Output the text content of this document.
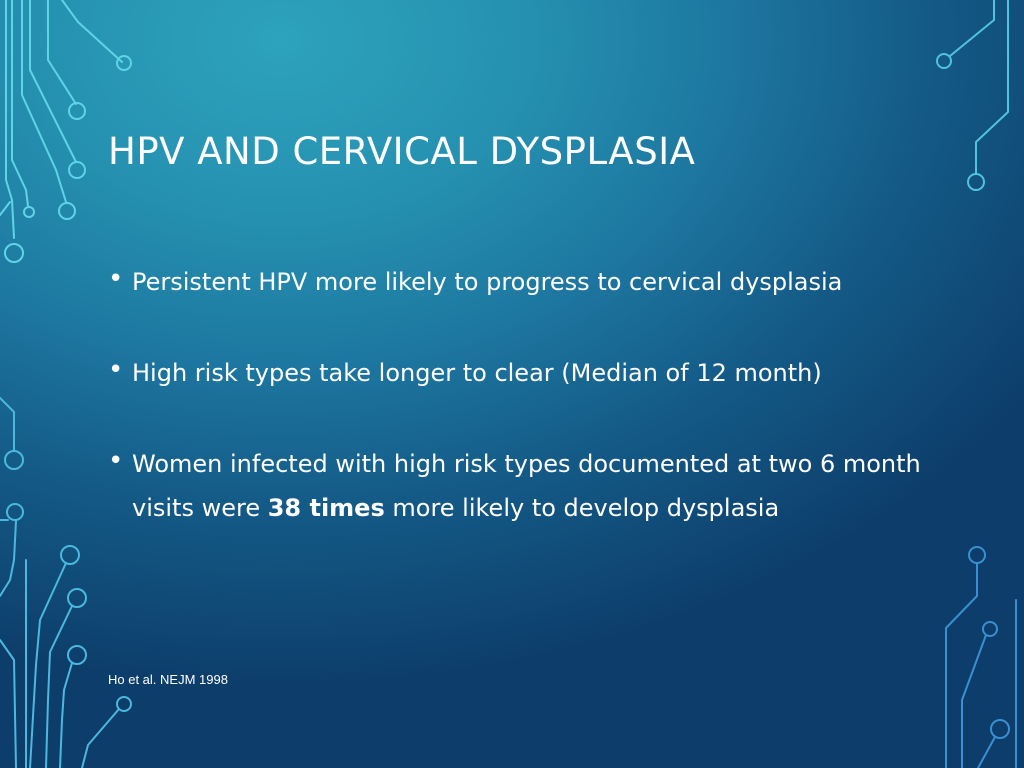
HPV AND CERVICAL DYSPLASIA
• Persistent HPV more likely to progress to cervical dysplasia
• High risk types take longer to clear (Median of 12 month)
• Women infected with high risk types documented at two 6 month visits were 38 times more likely to develop dysplasia
Ho et al. NEJM 1998
